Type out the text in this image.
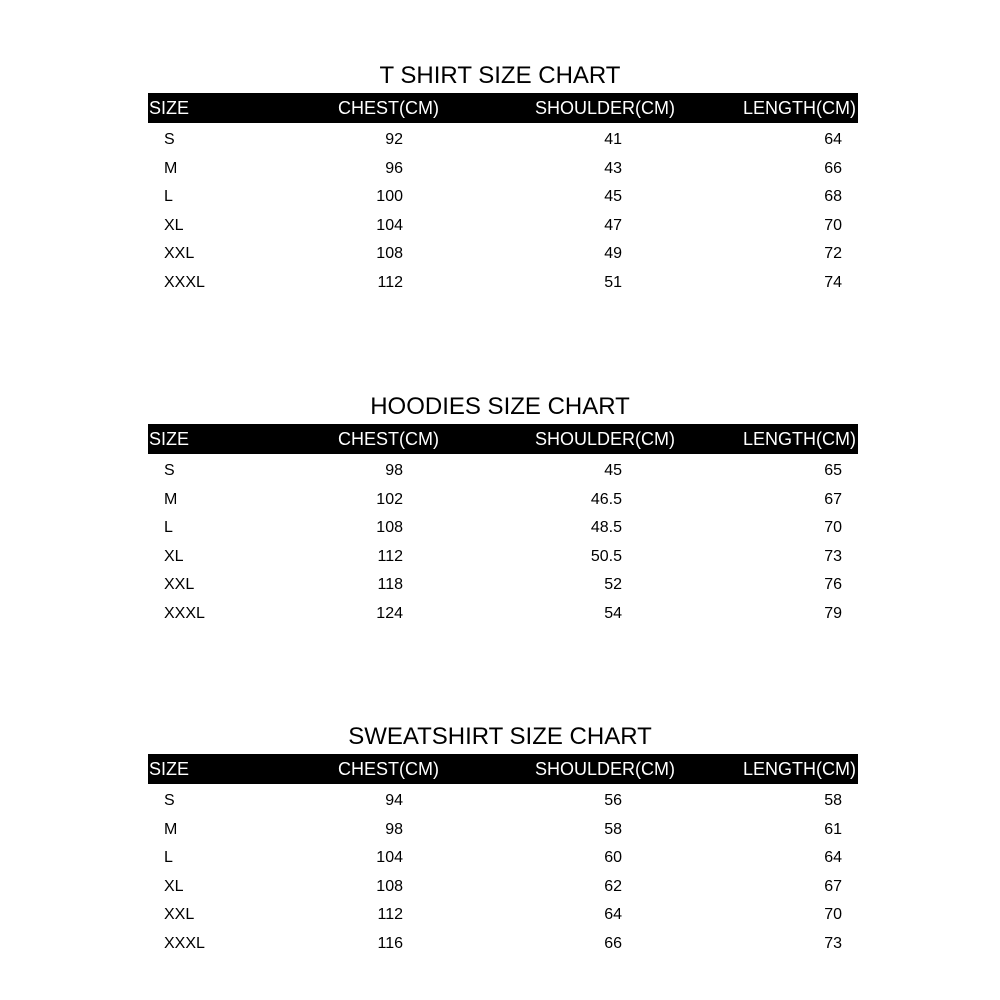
T SHIRT SIZE CHART
SIZE	CHEST(CM)	SHOULDER(CM)	LENGTH(CM)
S	92	41	64
M	96	43	66
L	100	45	68
XL	104	47	70
XXL	108	49	72
XXXL	112	51	74
HOODIES SIZE CHART
SIZE	CHEST(CM)	SHOULDER(CM)	LENGTH(CM)
S	98	45	65
M	102	46.5	67
L	108	48.5	70
XL	112	50.5	73
XXL	118	52	76
XXXL	124	54	79
SWEATSHIRT SIZE CHART
SIZE	CHEST(CM)	SHOULDER(CM)	LENGTH(CM)
S	94	56	58
M	98	58	61
L	104	60	64
XL	108	62	67
XXL	112	64	70
XXXL	116	66	73
